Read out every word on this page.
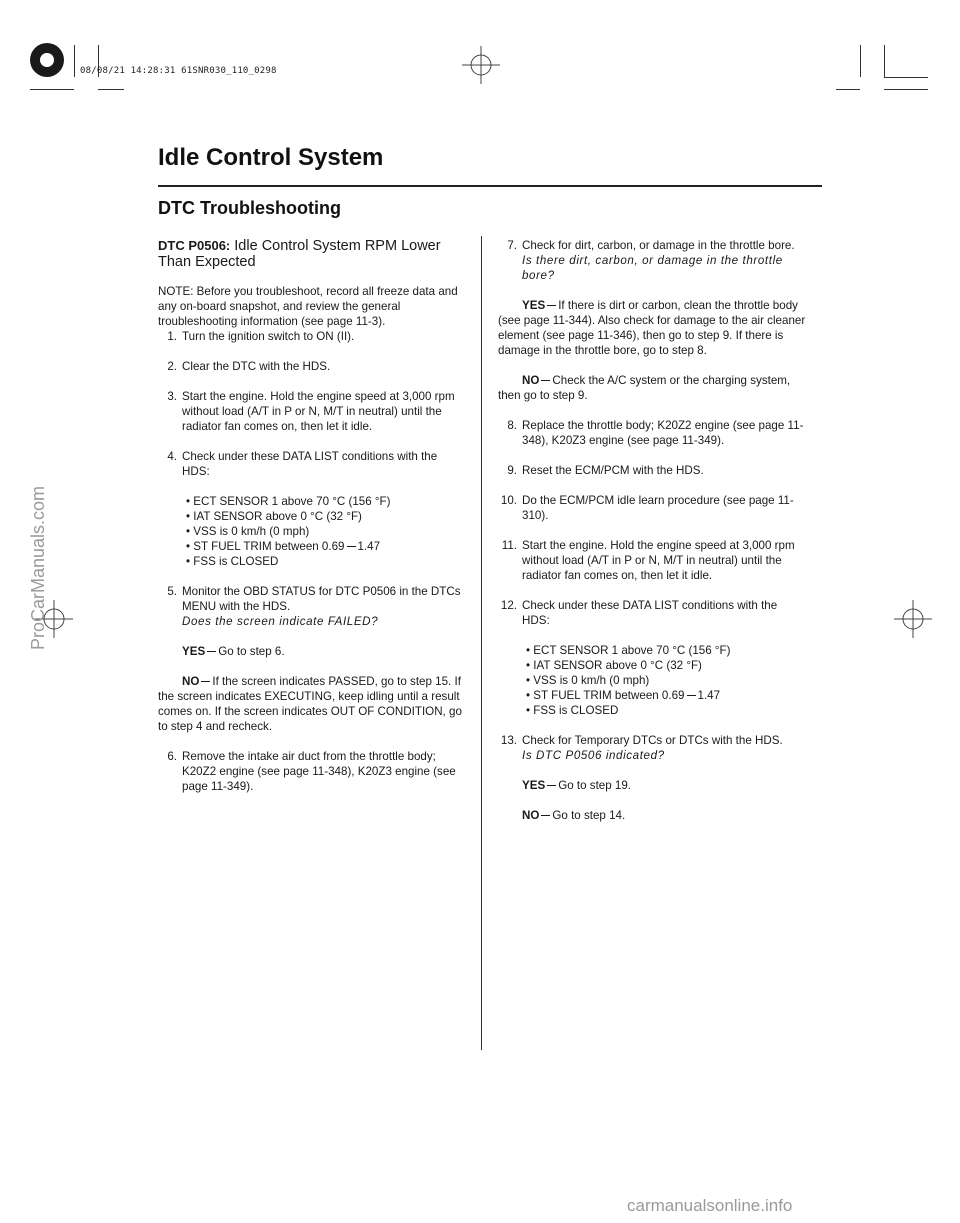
08/08/21 14:28:31 61SNR030_110_0298
Idle Control System
DTC Troubleshooting
ProCarManuals.com
carmanualsonline.info
DTC P0506: Idle Control System RPM Lower
Than Expected

NOTE: Before you troubleshoot, record all freeze data and any on-board snapshot, and review the general troubleshooting information (see page 11-3).

1. Turn the ignition switch to ON (II).
2. Clear the DTC with the HDS.
3. Start the engine. Hold the engine speed at 3,000 rpm without load (A/T in P or N, M/T in neutral) until the radiator fan comes on, then let it idle.
4. Check under these DATA LIST conditions with the HDS:
• ECT SENSOR 1 above 70 °C (156 °F)
• IAT SENSOR above 0 °C (32 °F)
• VSS is 0 km/h (0 mph)
• ST FUEL TRIM between 0.69 1.47
• FSS is CLOSED
5. Monitor the OBD STATUS for DTC P0506 in the DTCs MENU with the HDS.

Does the screen indicate FAILED?

YES Go to step 6.
NO If the screen indicates PASSED, go to step 15. If the screen indicates EXECUTING, keep idling until a result comes on. If the screen indicates OUT OF CONDITION, go to step 4 and recheck.
6. Remove the intake air duct from the throttle body; K20Z2 engine (see page 11-348), K20Z3 engine (see page 11-349).
7. Check for dirt, carbon, or damage in the throttle bore.

Is there dirt, carbon, or damage in the throttle bore?

YES If there is dirt or carbon, clean the throttle body (see page 11-344). Also check for damage to the air cleaner element (see page 11-346), then go to step 9. If there is damage in the throttle bore, go to step 8.
NO Check the A/C system or the charging system, then go to step 9.
8. Replace the throttle body; K20Z2 engine (see page 11-348), K20Z3 engine (see page 11-349).
9. Reset the ECM/PCM with the HDS.
10. Do the ECM/PCM idle learn procedure (see page 11-310).
11. Start the engine. Hold the engine speed at 3,000 rpm without load (A/T in P or N, M/T in neutral) until the radiator fan comes on, then let it idle.
12. Check under these DATA LIST conditions with the HDS:
• ECT SENSOR 1 above 70 °C (156 °F)
• IAT SENSOR above 0 °C (32 °F)
• VSS is 0 km/h (0 mph)
• ST FUEL TRIM between 0.69 1.47
• FSS is CLOSED
13. Check for Temporary DTCs or DTCs with the HDS.

Is DTC P0506 indicated?

YES Go to step 19.
NO Go to step 14.
